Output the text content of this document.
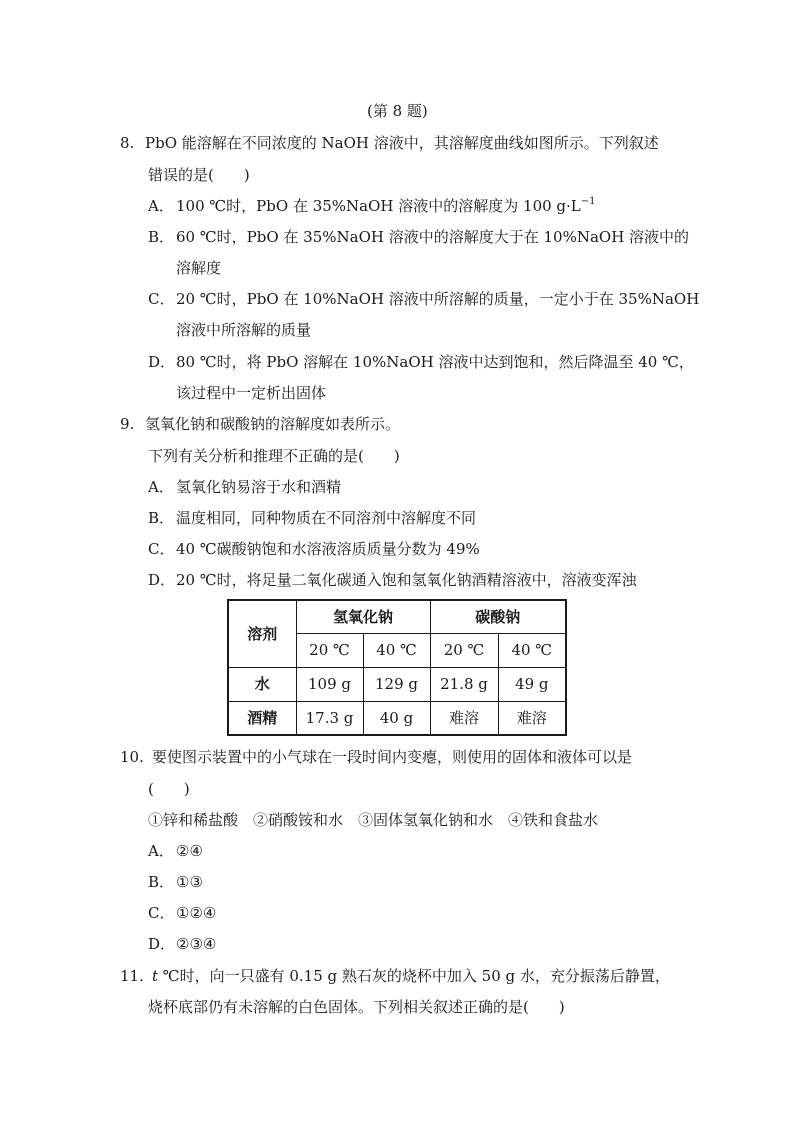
(第 8 题)
8. PbO 能溶解在不同浓度的 NaOH 溶液中，其溶解度曲线如图所示。下列叙述
错误的是(　　)
A． 100 ℃时，PbO 在 35%NaOH 溶液中的溶解度为 100 $g\cdot L^{-1}$
B． 60 ℃时，PbO 在 35%NaOH 溶液中的溶解度大于在 10%NaOH 溶液中的
溶解度
C． 20 ℃时，PbO 在 10%NaOH 溶液中所溶解的质量，一定小于在 35%NaOH
溶液中所溶解的质量
D． 80 ℃时，将 PbO 溶解在 10%NaOH 溶液中达到饱和，然后降温至 40 ℃，
该过程中一定析出固体
9. 氢氧化钠和碳酸钠的溶解度如表所示。
下列有关分析和推理不正确的是(　　)
A． 氢氧化钠易溶于水和酒精
B． 温度相同，同种物质在不同溶剂中溶解度不同
C． 40 ℃碳酸钠饱和水溶液溶质质量分数为 49%
D． 20 ℃时，将足量二氧化碳通入饱和氢氧化钠酒精溶液中，溶液变浑浊
溶剂	氢氧化钠		碳酸钠	
	20 ℃	40 ℃	20 ℃	40 ℃
水	109 g	129 g	21.8 g	49 g
酒精	17.3 g	40 g	难溶	难溶
10. 要使图示装置中的小气球在一段时间内变瘪，则使用的固体和液体可以是
(　　)
①锌和稀盐酸　②硝酸铵和水　③固体氢氧化钠和水　④铁和食盐水
A． ②④
B． ①③
C． ①②④
D． ②③④
11. t ℃时，向一只盛有 0.15 g 熟石灰的烧杯中加入 50 g 水，充分振荡后静置，
烧杯底部仍有未溶解的白色固体。下列相关叙述正确的是(　　)
